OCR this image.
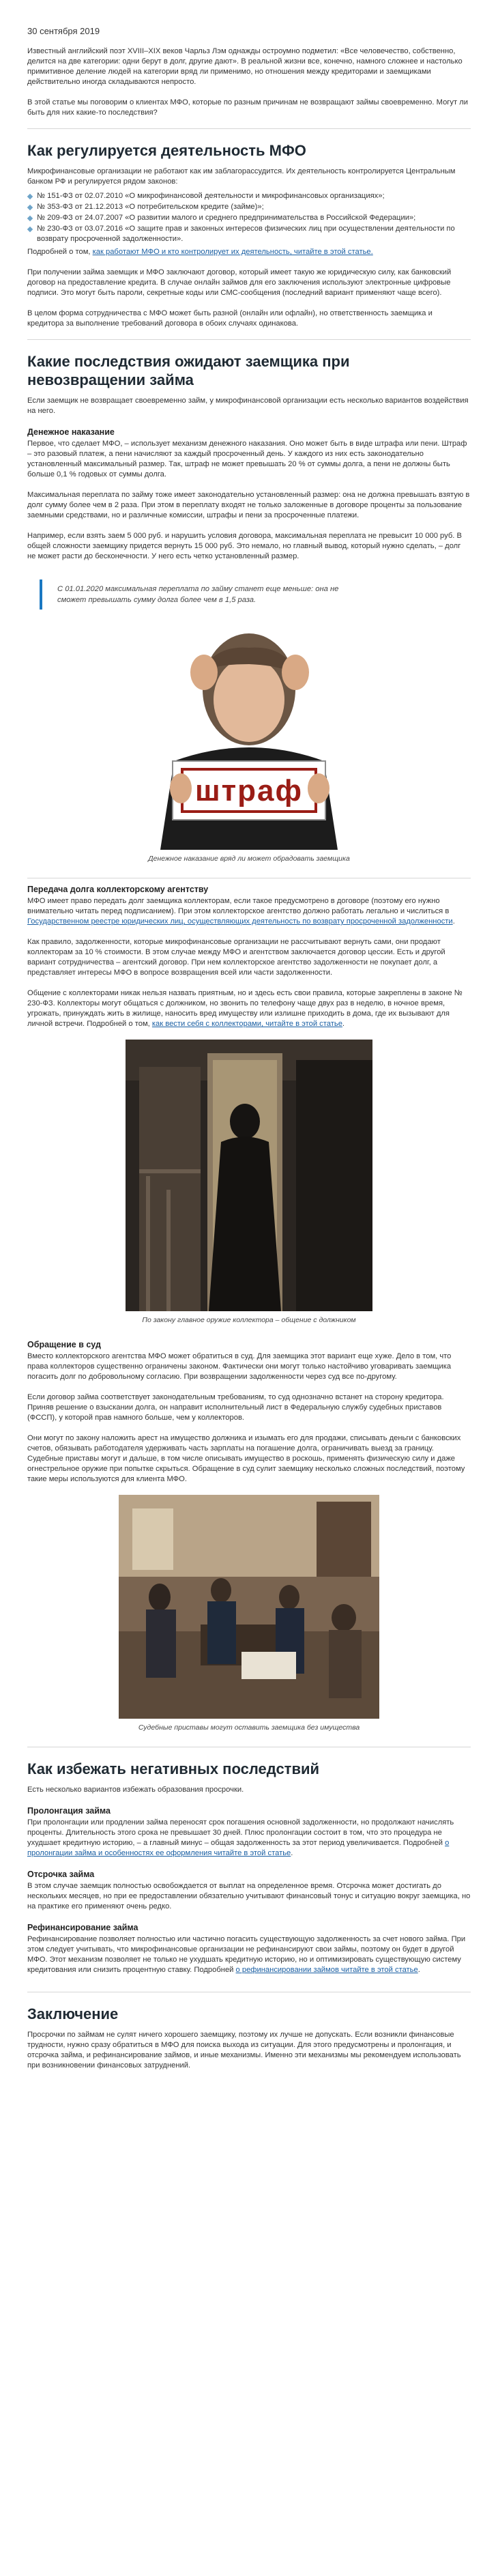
30 сентября 2019

Известный английский поэт XVIII–XIX веков Чарльз Лэм однажды остроумно подметил: «Все человечество, собственно, делится на две категории: одни берут в долг, другие дают». В реальной жизни все, конечно, намного сложнее и настолько примитивное деление людей на категории вряд ли применимо, но отношения между кредиторами и заемщиками действительно иногда складываются непросто.

В этой статье мы поговорим о клиентах МФО, которые по разным причинам не возвращают займы своевременно. Могут ли быть для них какие-то последствия?

Как регулируется деятельность МФО

Микрофинансовые организации не работают как им заблагорассудится. Их деятельность контролируется Центральным банком РФ и регулируется рядом законов:

№ 151-ФЗ от 02.07.2010 «О микрофинансовой деятельности и микрофинансовых организациях»;
№ 353-ФЗ от 21.12.2013 «О потребительском кредите (займе)»;
№ 209-ФЗ от 24.07.2007 «О развитии малого и среднего предпринимательства в Российской Федерации»;
№ 230-ФЗ от 03.07.2016 «О защите прав и законных интересов физических лиц при осуществлении деятельности по возврату просроченной задолженности».

Подробней о том, как работают МФО и кто контролирует их деятельность, читайте в этой статье.

При получении займа заемщик и МФО заключают договор, который имеет такую же юридическую силу, как банковский договор на предоставление кредита. В случае онлайн займов для его заключения используют электронные цифровые подписи. Это могут быть пароли, секретные коды или СМС-сообщения (последний вариант применяют чаще всего).

В целом форма сотрудничества с МФО может быть разной (онлайн или офлайн), но ответственность заемщика и кредитора за выполнение требований договора в обоих случаях одинакова.

Какие последствия ожидают заемщика при невозвращении займа

Если заемщик не возвращает своевременно займ, у микрофинансовой организации есть несколько вариантов воздействия на него.

Денежное наказание

Первое, что сделает МФО, – использует механизм денежного наказания. Оно может быть в виде штрафа или пени. Штраф – это разовый платеж, а пени начисляют за каждый просроченный день. У каждого из них есть законодательно установленный максимальный размер. Так, штраф не может превышать 20 % от суммы долга, а пени не должны быть больше 0,1 % годовых от суммы долга.

Максимальная переплата по займу тоже имеет законодательно установленный размер: она не должна превышать взятую в долг сумму более чем в 2 раза. При этом в переплату входят не только заложенные в договоре проценты за пользование заемными средствами, но и различные комиссии, штрафы и пени за просроченные платежи.

Например, если взять заем 5 000 руб. и нарушить условия договора, максимальная переплата не превысит 10 000 руб. В общей сложности заемщику придется вернуть 15 000 руб. Это немало, но главный вывод, который нужно сделать, – долг не может расти до бесконечности. У него есть четко установленный размер.

С 01.01.2020 максимальная переплата по займу станет еще меньше: она не сможет превышать сумму долга более чем в 1,5 раза.
штраф
Денежное наказание вряд ли может обрадовать заемщика
Передача долга коллекторскому агентству

МФО имеет право передать долг заемщика коллекторам, если такое предусмотрено в договоре (поэтому его нужно внимательно читать перед подписанием). При этом коллекторское агентство должно работать легально и числиться в Государственном реестре юридических лиц, осуществляющих деятельность по возврату просроченной задолженности.

Как правило, задолженности, которые микрофинансовые организации не рассчитывают вернуть сами, они продают коллекторам за 10 % стоимости. В этом случае между МФО и агентством заключается договор цессии. Есть и другой вариант сотрудничества – агентский договор. При нем коллекторское агентство задолженности не покупает долг, а представляет интересы МФО в вопросе возвращения всей или части задолженности.

Общение с коллекторами никак нельзя назвать приятным, но и здесь есть свои правила, которые закреплены в законе № 230-ФЗ. Коллекторы могут общаться с должником, но звонить по телефону чаще двух раз в неделю, в ночное время, угрожать, принуждать жить в жилище, наносить вред имуществу или излишне приходить в дома, где их вызывают для личной встречи. Подробней о том, как вести себя с коллекторами, читайте в этой статье.

По закону главное оружие коллектора – общение с должником
Обращение в суд

Вместо коллекторского агентства МФО может обратиться в суд. Для заемщика этот вариант еще хуже. Дело в том, что права коллекторов существенно ограничены законом. Фактически они могут только настойчиво уговаривать заемщика погасить долг по добровольному согласию. При возвращении задолженности через суд все по-другому.

Если договор займа соответствует законодательным требованиям, то суд однозначно встанет на сторону кредитора. Приняв решение о взыскании долга, он направит исполнительный лист в Федеральную службу судебных приставов (ФССП), у которой прав намного больше, чем у коллекторов.

Они могут по закону наложить арест на имущество должника и изымать его для продажи, списывать деньги с банковских счетов, обязывать работодателя удерживать часть зарплаты на погашение долга, ограничивать выезд за границу. Судебные приставы могут и дальше, в том числе описывать имущество в роскошь, применять физическую силу и даже огнестрельное оружие при попытке скрыться. Обращение в суд сулит заемщику несколько сложных последствий, поэтому такие меры используются для клиента МФО.

Судебные приставы могут оставить заемщика без имущества
Как избежать негативных последствий

Есть несколько вариантов избежать образования просрочки.

Пролонгация займа

При пролонгации или продлении займа переносят срок погашения основной задолженности, но продолжают начислять проценты. Длительность этого срока не превышает 30 дней. Плюс пролонгации состоит в том, что это процедура не ухудшает кредитную историю, – а главный минус – общая задолженность за этот период увеличивается. Подробней о пролонгации займа и особенностях ее оформления читайте в этой статье.

Отсрочка займа

В этом случае заемщик полностью освобождается от выплат на определенное время. Отсрочка может достигать до нескольких месяцев, но при ее предоставлении обязательно учитывают финансовый тонус и ситуацию вокруг заемщика, но на практике его применяют очень редко.

Рефинансирование займа

Рефинансирование позволяет полностью или частично погасить существующую задолженность за счет нового займа. При этом следует учитывать, что микрофинансовые организации не рефинансируют свои займы, поэтому он будет в другой МФО. Этот механизм позволяет не только не ухудшать кредитную историю, но и оптимизировать существующую систему кредитования или снизить процентную ставку. Подробней о рефинансировании займов читайте в этой статье.

Заключение

Просрочки по займам не сулят ничего хорошего заемщику, поэтому их лучше не допускать. Если возникли финансовые трудности, нужно сразу обратиться в МФО для поиска выхода из ситуации. Для этого предусмотрены и пролонгация, и отсрочка займа, и рефинансирование займов, и иные механизмы. Именно эти механизмы мы рекомендуем использовать при возникновении финансовых затруднений.
